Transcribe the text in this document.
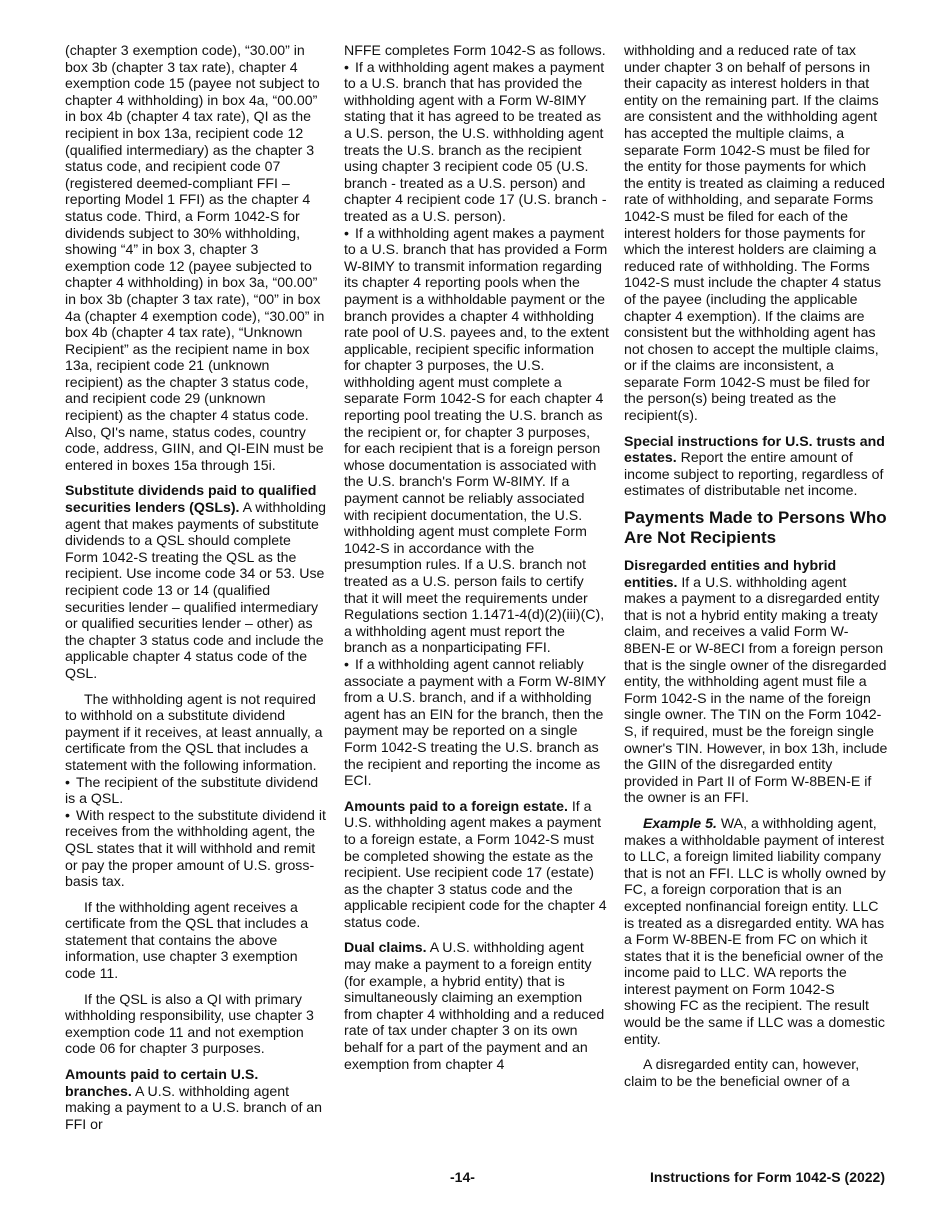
(chapter 3 exemption code), “30.00” in box 3b (chapter 3 tax rate), chapter 4 exemption code 15 (payee not subject to chapter 4 withholding) in box 4a, “00.00” in box 4b (chapter 4 tax rate), QI as the recipient in box 13a, recipient code 12 (qualified intermediary) as the chapter 3 status code, and recipient code 07 (registered deemed-compliant FFI – reporting Model 1 FFI) as the chapter 4 status code. Third, a Form 1042-S for dividends subject to 30% withholding, showing “4” in box 3, chapter 3 exemption code 12 (payee subjected to chapter 4 withholding) in box 3a, “00.00” in box 3b (chapter 3 tax rate), “00” in box 4a (chapter 4 exemption code), “30.00” in box 4b (chapter 4 tax rate), “Unknown Recipient” as the recipient name in box 13a, recipient code 21 (unknown recipient) as the chapter 3 status code, and recipient code 29 (unknown recipient) as the chapter 4 status code. Also, QI's name, status codes, country code, address, GIIN, and QI-EIN must be entered in boxes 15a through 15i.

Substitute dividends paid to qualified securities lenders (QSLs). A withholding agent that makes payments of substitute dividends to a QSL should complete Form 1042-S treating the QSL as the recipient. Use income code 34 or 53. Use recipient code 13 or 14 (qualified securities lender – qualified intermediary or qualified securities lender – other) as the chapter 3 status code and include the applicable chapter 4 status code of the QSL.

The withholding agent is not required to withhold on a substitute dividend payment if it receives, at least annually, a certificate from the QSL that includes a statement with the following information.

• The recipient of the substitute dividend is a QSL.

• With respect to the substitute dividend it receives from the withholding agent, the QSL states that it will withhold and remit or pay the proper amount of U.S. gross-basis tax.

If the withholding agent receives a certificate from the QSL that includes a statement that contains the above information, use chapter 3 exemption code 11.

If the QSL is also a QI with primary withholding responsibility, use chapter 3 exemption code 11 and not exemption code 06 for chapter 3 purposes.

Amounts paid to certain U.S. branches. A U.S. withholding agent making a payment to a U.S. branch of an FFI or

NFFE completes Form 1042-S as follows.

• If a withholding agent makes a payment to a U.S. branch that has provided the withholding agent with a Form W-8IMY stating that it has agreed to be treated as a U.S. person, the U.S. withholding agent treats the U.S. branch as the recipient using chapter 3 recipient code 05 (U.S. branch - treated as a U.S. person) and chapter 4 recipient code 17 (U.S. branch - treated as a U.S. person).

• If a withholding agent makes a payment to a U.S. branch that has provided a Form W-8IMY to transmit information regarding its chapter 4 reporting pools when the payment is a withholdable payment or the branch provides a chapter 4 withholding rate pool of U.S. payees and, to the extent applicable, recipient specific information for chapter 3 purposes, the U.S. withholding agent must complete a separate Form 1042-S for each chapter 4 reporting pool treating the U.S. branch as the recipient or, for chapter 3 purposes, for each recipient that is a foreign person whose documentation is associated with the U.S. branch's Form W-8IMY. If a payment cannot be reliably associated with recipient documentation, the U.S. withholding agent must complete Form 1042-S in accordance with the presumption rules. If a U.S. branch not treated as a U.S. person fails to certify that it will meet the requirements under Regulations section 1.1471-4(d)(2)(iii)(C), a withholding agent must report the branch as a nonparticipating FFI.

• If a withholding agent cannot reliably associate a payment with a Form W-8IMY from a U.S. branch, and if a withholding agent has an EIN for the branch, then the payment may be reported on a single Form 1042-S treating the U.S. branch as the recipient and reporting the income as ECI.

Amounts paid to a foreign estate. If a U.S. withholding agent makes a payment to a foreign estate, a Form 1042-S must be completed showing the estate as the recipient. Use recipient code 17 (estate) as the chapter 3 status code and the applicable recipient code for the chapter 4 status code.

Dual claims. A U.S. withholding agent may make a payment to a foreign entity (for example, a hybrid entity) that is simultaneously claiming an exemption from chapter 4 withholding and a reduced rate of tax under chapter 3 on its own behalf for a part of the payment and an exemption from chapter 4

withholding and a reduced rate of tax under chapter 3 on behalf of persons in their capacity as interest holders in that entity on the remaining part. If the claims are consistent and the withholding agent has accepted the multiple claims, a separate Form 1042-S must be filed for the entity for those payments for which the entity is treated as claiming a reduced rate of withholding, and separate Forms 1042-S must be filed for each of the interest holders for those payments for which the interest holders are claiming a reduced rate of withholding. The Forms 1042-S must include the chapter 4 status of the payee (including the applicable chapter 4 exemption). If the claims are consistent but the withholding agent has not chosen to accept the multiple claims, or if the claims are inconsistent, a separate Form 1042-S must be filed for the person(s) being treated as the recipient(s).

Special instructions for U.S. trusts and estates. Report the entire amount of income subject to reporting, regardless of estimates of distributable net income.

Payments Made to Persons Who Are Not Recipients

Disregarded entities and hybrid entities. If a U.S. withholding agent makes a payment to a disregarded entity that is not a hybrid entity making a treaty claim, and receives a valid Form W-8BEN-E or W-8ECI from a foreign person that is the single owner of the disregarded entity, the withholding agent must file a Form 1042-S in the name of the foreign single owner. The TIN on the Form 1042-S, if required, must be the foreign single owner's TIN. However, in box 13h, include the GIIN of the disregarded entity provided in Part II of Form W-8BEN-E if the owner is an FFI.

Example 5. WA, a withholding agent, makes a withholdable payment of interest to LLC, a foreign limited liability company that is not an FFI. LLC is wholly owned by FC, a foreign corporation that is an excepted nonfinancial foreign entity. LLC is treated as a disregarded entity. WA has a Form W-8BEN-E from FC on which it states that it is the beneficial owner of the income paid to LLC. WA reports the interest payment on Form 1042-S showing FC as the recipient. The result would be the same if LLC was a domestic entity.

A disregarded entity can, however, claim to be the beneficial owner of a

-14-	Instructions for Form 1042-S (2022)
